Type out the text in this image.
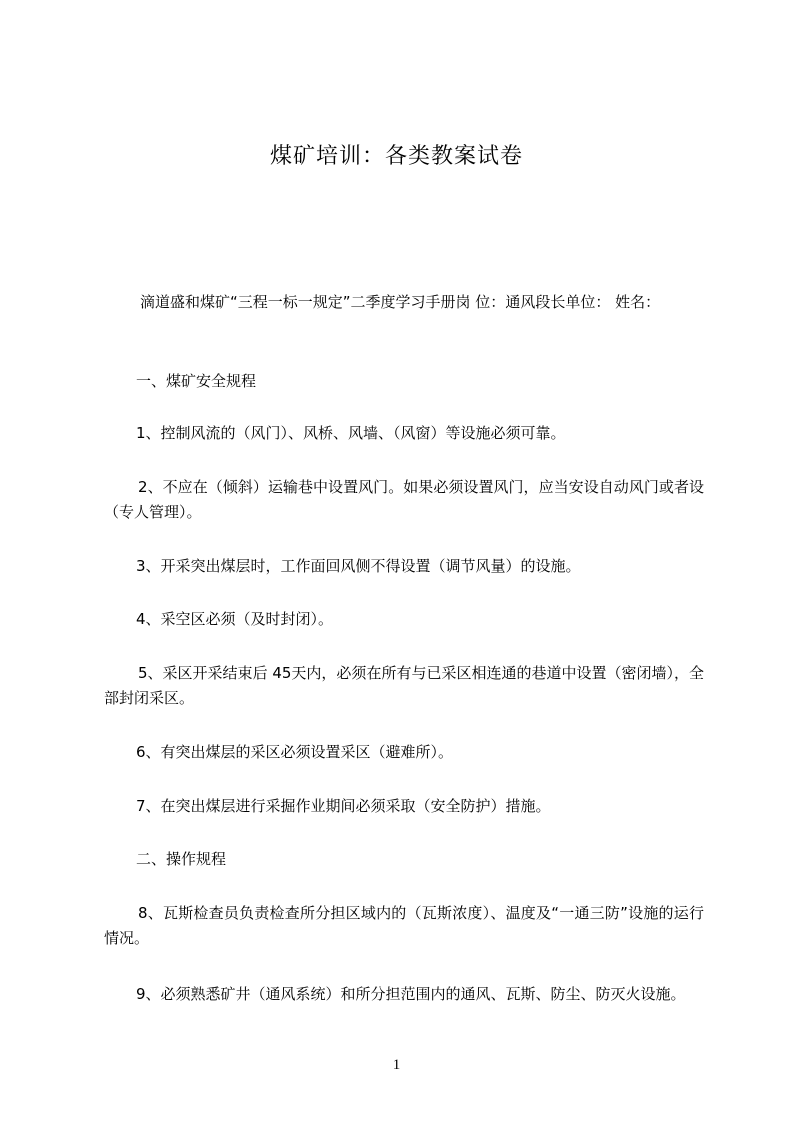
煤矿培训：各类教案试卷
滴道盛和煤矿“三程一标一规定”二季度学习手册岗 位：通风段长单位： 姓名：
一、煤矿安全规程
1、控制风流的（风门）、风桥、风墙、（风窗）等设施必须可靠。
2、不应在（倾斜）运输巷中设置风门。如果必须设置风门，应当安设自动风门或者设（专人管理）。
3、开采突出煤层时，工作面回风侧不得设置（调节风量）的设施。
4、采空区必须（及时封闭）。
5、采区开采结束后 45天内，必须在所有与已采区相连通的巷道中设置（密闭墙），全部封闭采区。
6、有突出煤层的采区必须设置采区（避难所）。
7、在突出煤层进行采掘作业期间必须采取（安全防护）措施。
二、操作规程
8、瓦斯检查员负责检查所分担区域内的（瓦斯浓度）、温度及“一通三防”设施的运行情况。
9、必须熟悉矿井（通风系统）和所分担范围内的通风、瓦斯、防尘、防灭火设施。
1
